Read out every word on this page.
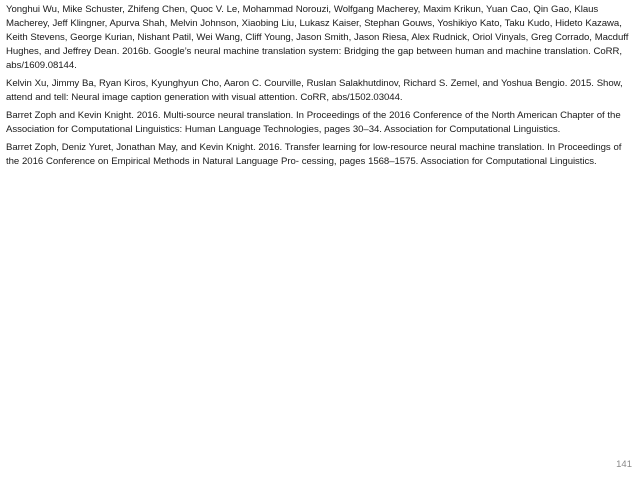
Yonghui Wu, Mike Schuster, Zhifeng Chen, Quoc V. Le, Mohammad Norouzi, Wolfgang Macherey, Maxim Krikun, Yuan Cao, Qin Gao, Klaus Macherey, Jeff Klingner, Apurva Shah, Melvin Johnson, Xiaobing Liu, Lukasz Kaiser, Stephan Gouws, Yoshikiyo Kato, Taku Kudo, Hideto Kazawa, Keith Stevens, George Kurian, Nishant Patil, Wei Wang, Cliff Young, Jason Smith, Jason Riesa, Alex Rudnick, Oriol Vinyals, Greg Corrado, Macduff Hughes, and Jeffrey Dean. 2016b. Google’s neural machine translation system: Bridging the gap between human and machine translation. CoRR, abs/1609.08144.

Kelvin Xu, Jimmy Ba, Ryan Kiros, Kyunghyun Cho, Aaron C. Courville, Ruslan Salakhutdinov, Richard S. Zemel, and Yoshua Bengio. 2015. Show, attend and tell: Neural image caption generation with visual attention. CoRR, abs/1502.03044.

Barret Zoph and Kevin Knight. 2016. Multi-source neural translation. In Proceedings of the 2016 Conference of the North American Chapter of the Association for Computational Linguistics: Human Language Technologies, pages 30–34. Association for Computational Linguistics.

Barret Zoph, Deniz Yuret, Jonathan May, and Kevin Knight. 2016. Transfer learning for low-resource neural machine translation. In Proceedings of the 2016 Conference on Empirical Methods in Natural Language Pro- cessing, pages 1568–1575. Association for Computational Linguistics.

141
